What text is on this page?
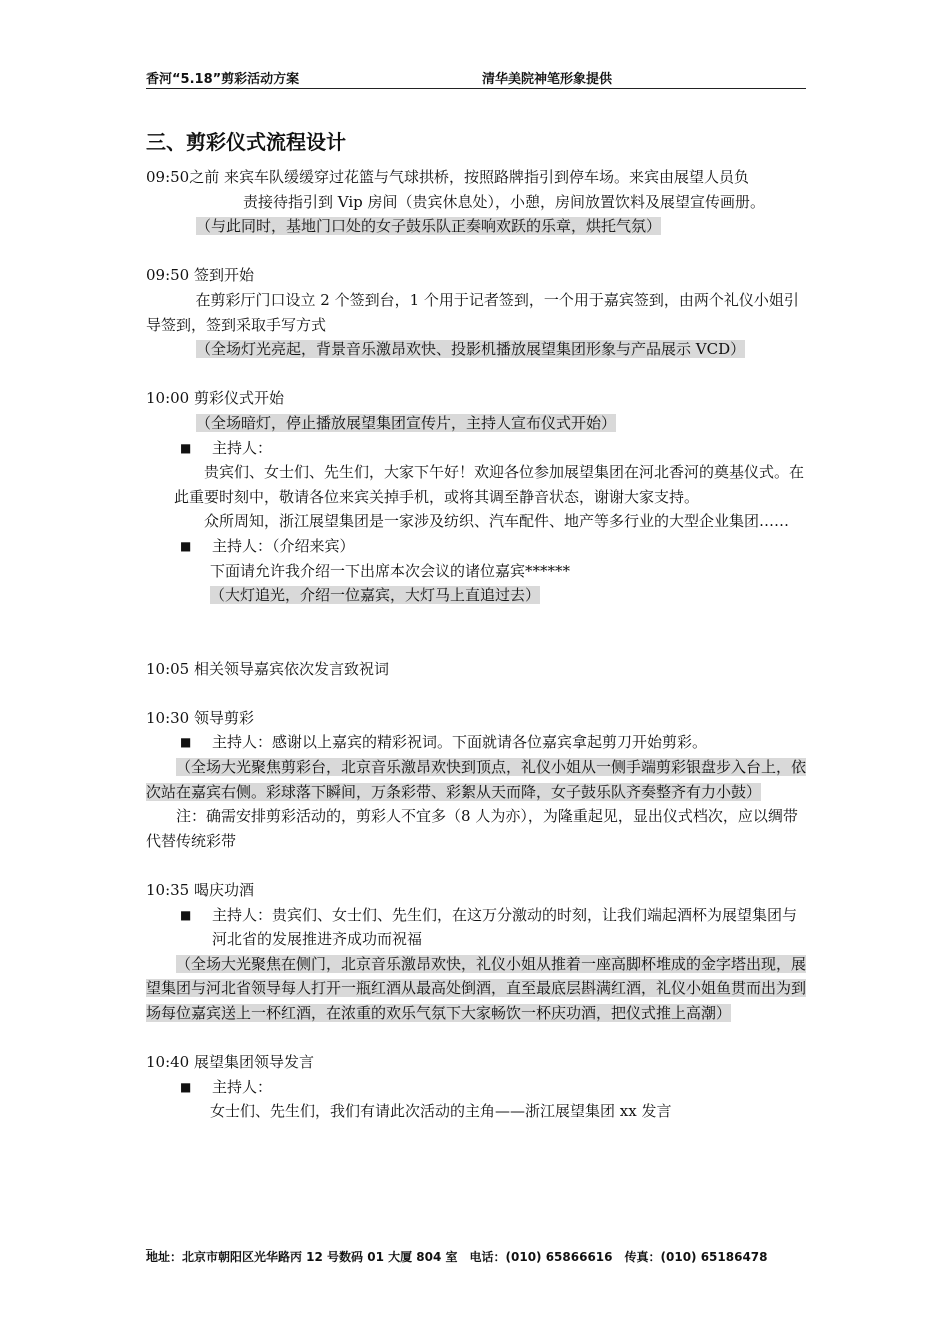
香河“5.18”剪彩活动方案	清华美院神笔形象提供
三、剪彩仪式流程设计

09:50之前 来宾车队缓缓穿过花篮与气球拱桥，按照路牌指引到停车场。来宾由展望人员负

责接待指引到 Vip 房间（贵宾休息处），小憩，房间放置饮料及展望宣传画册。

（与此同时，基地门口处的女子鼓乐队正奏响欢跃的乐章，烘托气氛）

09:50 签到开始

在剪彩厅门口设立 2 个签到台，1 个用于记者签到，一个用于嘉宾签到，由两个礼仪小姐引导签到，签到采取手写方式

（全场灯光亮起，背景音乐激昂欢快、投影机播放展望集团形象与产品展示 VCD）

10:00 剪彩仪式开始

（全场暗灯，停止播放展望集团宣传片，主持人宣布仪式开始）

■ 主持人：

贵宾们、女士们、先生们，大家下午好！欢迎各位参加展望集团在河北香河的奠基仪式。在此重要时刻中，敬请各位来宾关掉手机，或将其调至静音状态，谢谢大家支持。

众所周知，浙江展望集团是一家涉及纺织、汽车配件、地产等多行业的大型企业集团……

■ 主持人：（介绍来宾）

下面请允许我介绍一下出席本次会议的诸位嘉宾******

（大灯追光，介绍一位嘉宾，大灯马上直追过去）

10:05 相关领导嘉宾依次发言致祝词

10:30 领导剪彩

■ 主持人：感谢以上嘉宾的精彩祝词。下面就请各位嘉宾拿起剪刀开始剪彩。

（全场大光聚焦剪彩台，北京音乐激昂欢快到顶点，礼仪小姐从一侧手端剪彩银盘步入台上，依次站在嘉宾右侧。彩球落下瞬间，万条彩带、彩絮从天而降，女子鼓乐队齐奏整齐有力小鼓）

注：确需安排剪彩活动的，剪彩人不宜多（8 人为亦），为隆重起见，显出仪式档次，应以绸带代替传统彩带

10:35 喝庆功酒

■ 主持人：贵宾们、女士们、先生们，在这万分激动的时刻，让我们端起酒杯为展望集团与河北省的发展推进齐成功而祝福

（全场大光聚焦在侧门，北京音乐激昂欢快，礼仪小姐从推着一座高脚杯堆成的金字塔出现，展望集团与河北省领导每人打开一瓶红酒从最高处倒酒，直至最底层斟满红酒，礼仪小姐鱼贯而出为到场每位嘉宾送上一杯红酒，在浓重的欢乐气氛下大家畅饮一杯庆功酒，把仪式推上高潮）

10:40 展望集团领导发言

■ 主持人：

女士们、先生们，我们有请此次活动的主角——浙江展望集团 xx 发言

_
地址：北京市朝阳区光华路丙 12 号数码 01 大厦 804 室　电话：(010) 65866616　传真：(010) 65186478
